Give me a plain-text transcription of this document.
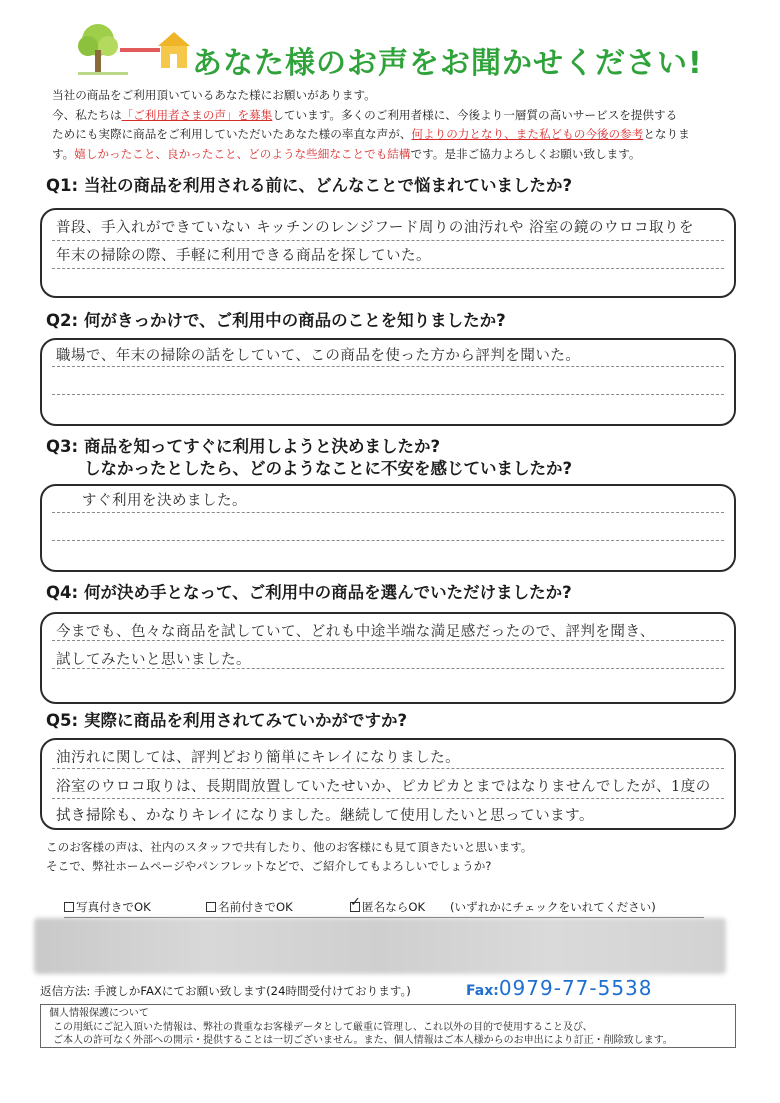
あなた様のお声をお聞かせください!
当社の商品をご利用頂いているあなた様にお願いがあります。
今、私たちは「ご利用者さまの声」を募集しています。多くのご利用者様に、今後より一層質の高いサービスを提供する
ためにも実際に商品をご利用していただいたあなた様の率直な声が、何よりの力となり、また私どもの今後の参考となりま
す。嬉しかったこと、良かったこと、どのような些細なことでも結構です。是非ご協力よろしくお願い致します。
Q1: 当社の商品を利用される前に、どんなことで悩まれていましたか?
普段、手入れができていない キッチンのレンジフード周りの油汚れや 浴室の鏡のウロコ取りを
年末の掃除の際、手軽に利用できる商品を探していた。
Q2: 何がきっかけで、ご利用中の商品のことを知りましたか?
職場で、年末の掃除の話をしていて、この商品を使った方から評判を聞いた。
Q3: 商品を知ってすぐに利用しようと決めましたか?
しなかったとしたら、どのようなことに不安を感じていましたか?
すぐ利用を決めました。
Q4: 何が決め手となって、ご利用中の商品を選んでいただけましたか?
今までも、色々な商品を試していて、どれも中途半端な満足感だったので、評判を聞き、
試してみたいと思いました。
Q5: 実際に商品を利用されてみていかがですか?
油汚れに関しては、評判どおり簡単にキレイになりました。
浴室のウロコ取りは、長期間放置していたせいか、ピカピカとまではなりませんでしたが、1度の
拭き掃除も、かなりキレイになりました。継続して使用したいと思っています。
このお客様の声は、社内のスタッフで共有したり、他のお客様にも見て頂きたいと思います。
そこで、弊社ホームページやパンフレットなどで、ご紹介してもよろしいでしょうか?
写真付きでOK	名前付きでOK
✓	匿名ならOK (いずれかにチェックをいれてください)
返信方法: 手渡しかFAXにてお願い致します(24時間受付けております。)	Fax:0979-77-5538
個人情報保護について
この用紙にご記入頂いた情報は、弊社の貴重なお客様データとして厳重に管理し、これ以外の目的で使用すること及び、
ご本人の許可なく外部への開示・提供することは一切ございません。また、個人情報はご本人様からのお申出により訂正・削除致します。
